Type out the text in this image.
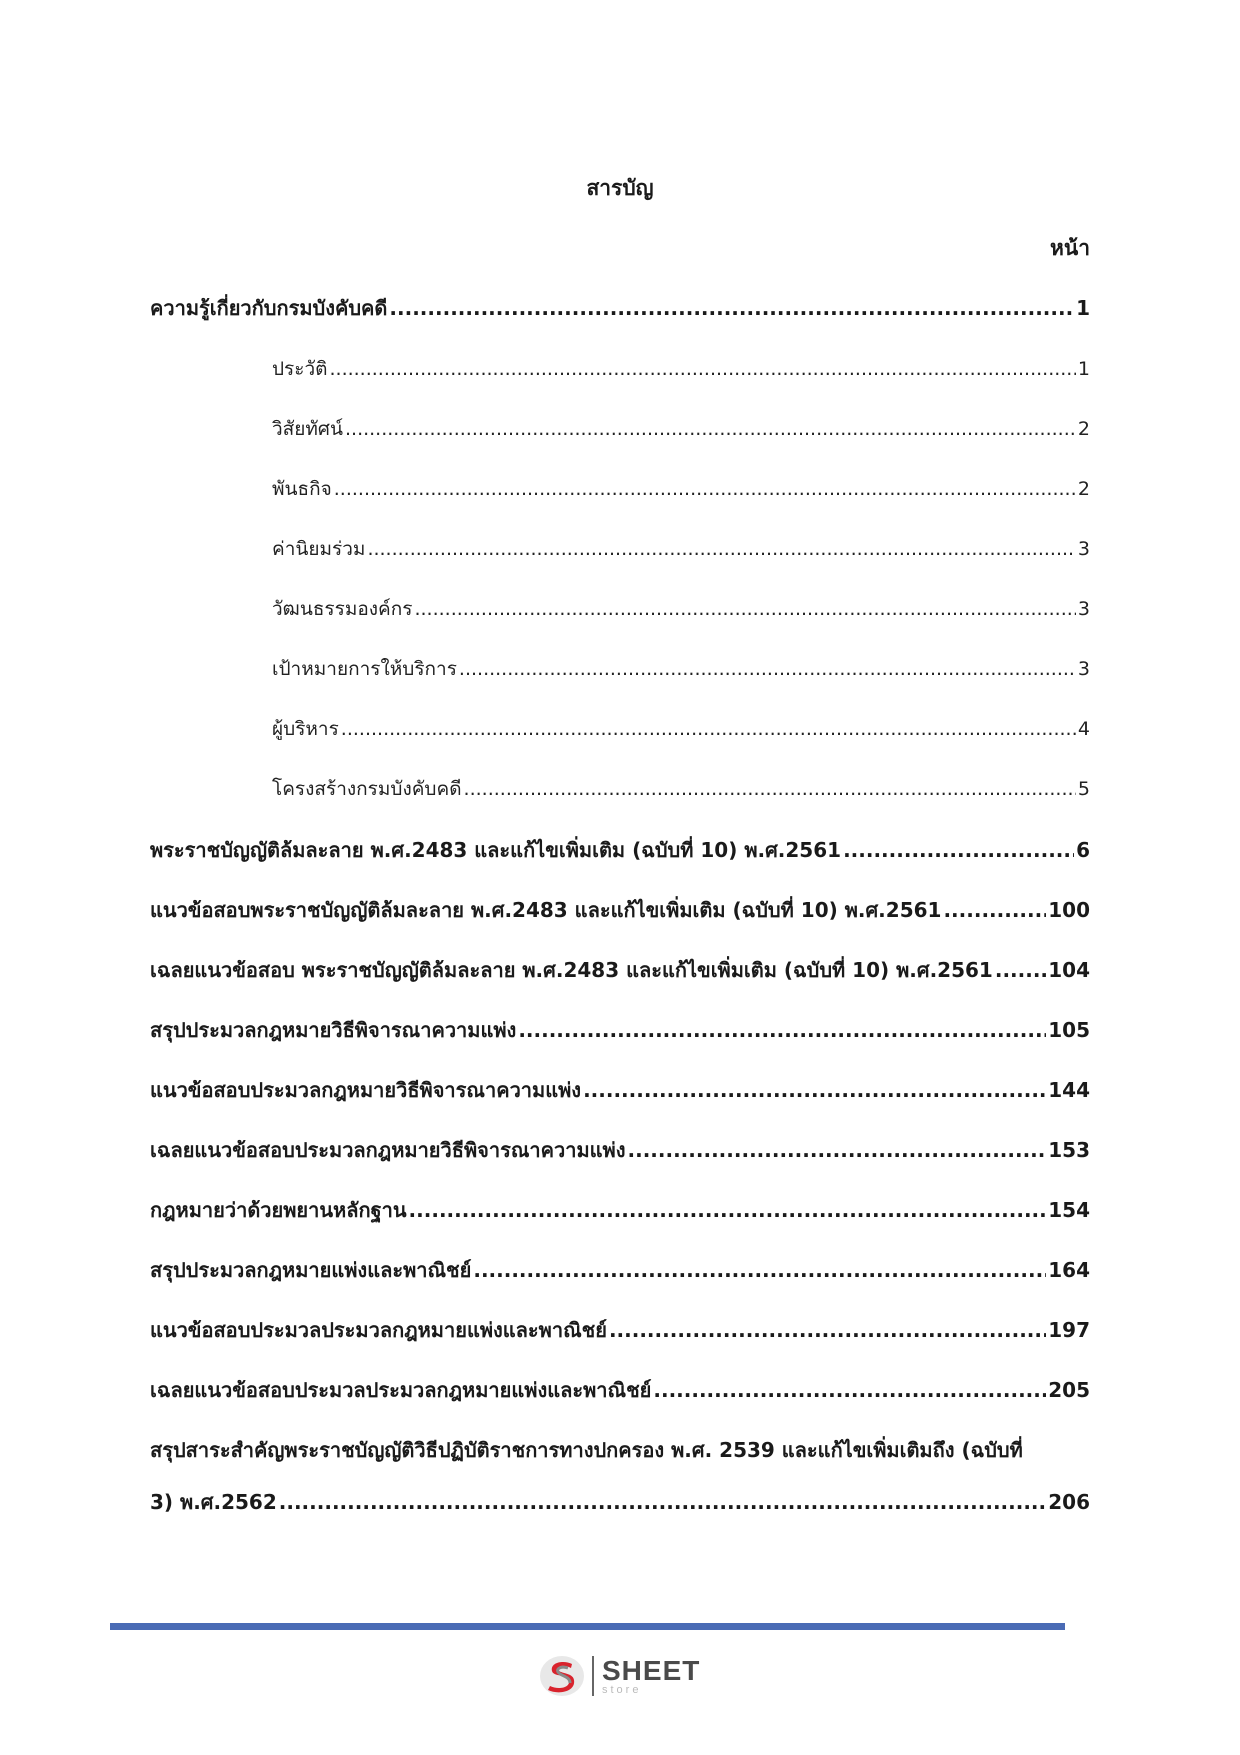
สารบัญ
หน้า
ความรู้เกี่ยวกับกรมบังคับคดี .....	1
ประวัติ .....	1
วิสัยทัศน์ .....	2
พันธกิจ .....	2
ค่านิยมร่วม .....	3
วัฒนธรรมองค์กร .....	3
เป้าหมายการให้บริการ .....	3
ผู้บริหาร .....	4
โครงสร้างกรมบังคับคดี .....	5
พระราชบัญญัติล้มละลาย พ.ศ.2483 และแก้ไขเพิ่มเติม (ฉบับที่ 10) พ.ศ.2561 .....	6
แนวข้อสอบพระราชบัญญัติล้มละลาย พ.ศ.2483 และแก้ไขเพิ่มเติม (ฉบับที่ 10) พ.ศ.2561 .....	100
เฉลยแนวข้อสอบ พระราชบัญญัติล้มละลาย พ.ศ.2483 และแก้ไขเพิ่มเติม (ฉบับที่ 10) พ.ศ.2561 .....	104
สรุปประมวลกฎหมายวิธีพิจารณาความแพ่ง .....	105
แนวข้อสอบประมวลกฎหมายวิธีพิจารณาความแพ่ง .....	144
เฉลยแนวข้อสอบประมวลกฎหมายวิธีพิจารณาความแพ่ง .....	153
กฎหมายว่าด้วยพยานหลักฐาน .....	154
สรุปประมวลกฎหมายแพ่งและพาณิชย์ .....	164
แนวข้อสอบประมวลประมวลกฎหมายแพ่งและพาณิชย์ .....	197
เฉลยแนวข้อสอบประมวลประมวลกฎหมายแพ่งและพาณิชย์ .....	205
สรุปสาระสำคัญพระราชบัญญัติวิธีปฏิบัติราชการทางปกครอง พ.ศ. 2539 และแก้ไขเพิ่มเติมถึง (ฉบับที่
3) พ.ศ.2562 .....	206
SHEET
store
